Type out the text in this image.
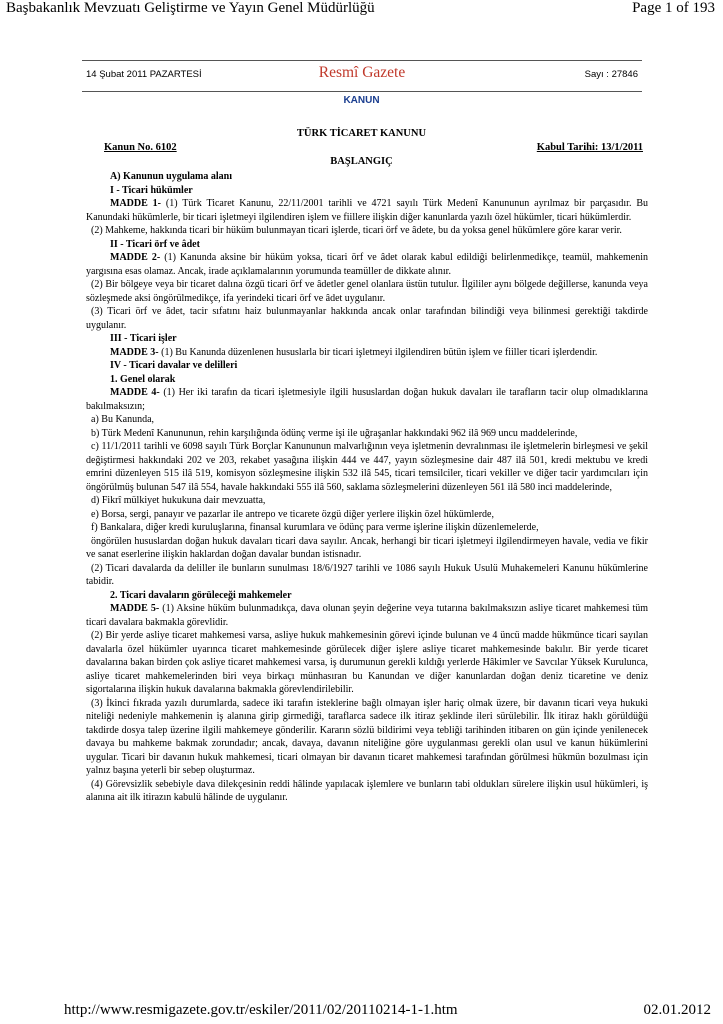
Başbakanlık Mevzuatı Geliştirme ve Yayın Genel Müdürlüğü	Page 1 of 193
14 Şubat 2011 PAZARTESİ	Resmî Gazete	Sayı : 27846
KANUN
TÜRK TİCARET KANUNU
Kanun No. 6102	Kabul Tarihi: 13/1/2011
BAŞLANGIÇ

A) Kanunun uygulama alanı

I - Ticari hükümler

MADDE 1- (1) Türk Ticaret Kanunu, 22/11/2001 tarihli ve 4721 sayılı Türk Medenî Kanununun ayrılmaz bir parçasıdır. Bu Kanundaki hükümlerle, bir ticari işletmeyi ilgilendiren işlem ve fiillere ilişkin diğer kanunlarda yazılı özel hükümler, ticari hükümlerdir.

(2) Mahkeme, hakkında ticari bir hüküm bulunmayan ticari işlerde, ticari örf ve âdete, bu da yoksa genel hükümlere göre karar verir.

II - Ticari örf ve âdet

MADDE 2- (1) Kanunda aksine bir hüküm yoksa, ticari örf ve âdet olarak kabul edildiği belirlenmedikçe, teamül, mahkemenin yargısına esas olamaz. Ancak, irade açıklamalarının yorumunda teamüller de dikkate alınır.

(2) Bir bölgeye veya bir ticaret dalına özgü ticari örf ve âdetler genel olanlara üstün tutulur. İlgililer aynı bölgede değillerse, kanunda veya sözleşmede aksi öngörülmedikçe, ifa yerindeki ticari örf ve âdet uygulanır.

(3) Ticari örf ve âdet, tacir sıfatını haiz bulunmayanlar hakkında ancak onlar tarafından bilindiği veya bilinmesi gerektiği takdirde uygulanır.

III - Ticari işler

MADDE 3- (1) Bu Kanunda düzenlenen hususlarla bir ticari işletmeyi ilgilendiren bütün işlem ve fiiller ticari işlerdendir.

IV - Ticari davalar ve delilleri

1. Genel olarak

MADDE 4- (1) Her iki tarafın da ticari işletmesiyle ilgili hususlardan doğan hukuk davaları ile tarafların tacir olup olmadıklarına bakılmaksızın;

a) Bu Kanunda,

b) Türk Medenî Kanununun, rehin karşılığında ödünç verme işi ile uğraşanlar hakkındaki 962 ilâ 969 uncu maddelerinde,

c) 11/1/2011 tarihli ve 6098 sayılı Türk Borçlar Kanununun malvarlığının veya işletmenin devralınması ile işletmelerin birleşmesi ve şekil değiştirmesi hakkındaki 202 ve 203, rekabet yasağına ilişkin 444 ve 447, yayın sözleşmesine dair 487 ilâ 501, kredi mektubu ve kredi emrini düzenleyen 515 ilâ 519, komisyon sözleşmesine ilişkin 532 ilâ 545, ticari temsilciler, ticari vekiller ve diğer tacir yardımcıları için öngörülmüş bulunan 547 ilâ 554, havale hakkındaki 555 ilâ 560, saklama sözleşmelerini düzenleyen 561 ilâ 580 inci maddelerinde,

d) Fikrî mülkiyet hukukuna dair mevzuatta,

e) Borsa, sergi, panayır ve pazarlar ile antrepo ve ticarete özgü diğer yerlere ilişkin özel hükümlerde,

f) Bankalara, diğer kredi kuruluşlarına, finansal kurumlara ve ödünç para verme işlerine ilişkin düzenlemelerde,

öngörülen hususlardan doğan hukuk davaları ticari dava sayılır. Ancak, herhangi bir ticari işletmeyi ilgilendirmeyen havale, vedia ve fikir ve sanat eserlerine ilişkin haklardan doğan davalar bundan istisnadır.

(2) Ticari davalarda da deliller ile bunların sunulması 18/6/1927 tarihli ve 1086 sayılı Hukuk Usulü Muhakemeleri Kanunu hükümlerine tabidir.

2. Ticari davaların görüleceği mahkemeler

MADDE 5- (1) Aksine hüküm bulunmadıkça, dava olunan şeyin değerine veya tutarına bakılmaksızın asliye ticaret mahkemesi tüm ticari davalara bakmakla görevlidir.

(2) Bir yerde asliye ticaret mahkemesi varsa, asliye hukuk mahkemesinin görevi içinde bulunan ve 4 üncü madde hükmünce ticari sayılan davalarla özel hükümler uyarınca ticaret mahkemesinde görülecek diğer işlere asliye ticaret mahkemesinde bakılır. Bir yerde ticaret davalarına bakan birden çok asliye ticaret mahkemesi varsa, iş durumunun gerekli kıldığı yerlerde Hâkimler ve Savcılar Yüksek Kurulunca, asliye ticaret mahkemelerinden biri veya birkaçı münhasıran bu Kanundan ve diğer kanunlardan doğan deniz ticaretine ve deniz sigortalarına ilişkin hukuk davalarına bakmakla görevlendirilebilir.

(3) İkinci fıkrada yazılı durumlarda, sadece iki tarafın isteklerine bağlı olmayan işler hariç olmak üzere, bir davanın ticari veya hukuki niteliği nedeniyle mahkemenin iş alanına girip girmediği, taraflarca sadece ilk itiraz şeklinde ileri sürülebilir. İlk itiraz haklı görüldüğü takdirde dosya talep üzerine ilgili mahkemeye gönderilir. Kararın sözlü bildirimi veya tebliği tarihinden itibaren on gün içinde yenilenecek davaya bu mahkeme bakmak zorundadır; ancak, davaya, davanın niteliğine göre uygulanması gerekli olan usul ve kanun hükümlerini uygular. Ticari bir davanın hukuk mahkemesi, ticari olmayan bir davanın ticaret mahkemesi tarafından görülmesi hükmün bozulması için yalnız başına yeterli bir sebep oluşturmaz.

(4) Görevsizlik sebebiyle dava dilekçesinin reddi hâlinde yapılacak işlemlere ve bunların tabi oldukları sürelere ilişkin usul hükümleri, iş alanına ait ilk itirazın kabulü hâlinde de uygulanır.

http://www.resmigazete.gov.tr/eskiler/2011/02/20110214-1-1.htm	02.01.2012
